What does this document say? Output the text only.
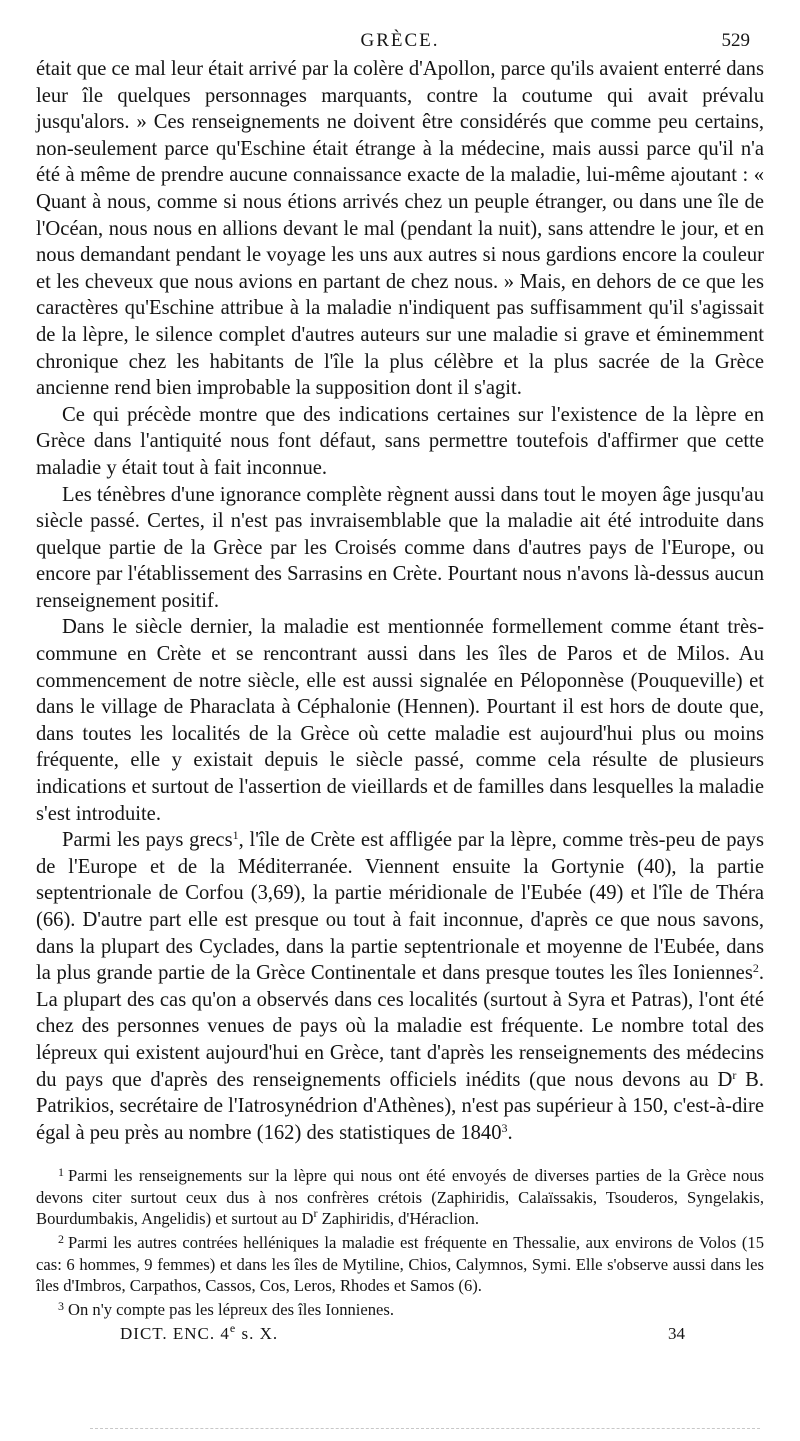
GRÈCE.	529

était que ce mal leur était arrivé par la colère d'Apollon, parce qu'ils avaient enterré dans leur île quelques personnages marquants, contre la coutume qui avait prévalu jusqu'alors. » Ces renseignements ne doivent être considérés que comme peu certains, non-seulement parce qu'Eschine était étrange à la médecine, mais aussi parce qu'il n'a été à même de prendre aucune connaissance exacte de la maladie, lui-même ajoutant : « Quant à nous, comme si nous étions arrivés chez un peuple étranger, ou dans une île de l'Océan, nous nous en allions devant le mal (pendant la nuit), sans attendre le jour, et en nous demandant pendant le voyage les uns aux autres si nous gardions encore la couleur et les cheveux que nous avions en partant de chez nous. » Mais, en dehors de ce que les caractères qu'Eschine attribue à la maladie n'indiquent pas suffisamment qu'il s'agissait de la lèpre, le silence complet d'autres auteurs sur une maladie si grave et éminemment chronique chez les habitants de l'île la plus célèbre et la plus sacrée de la Grèce ancienne rend bien improbable la supposition dont il s'agit.

Ce qui précède montre que des indications certaines sur l'existence de la lèpre en Grèce dans l'antiquité nous font défaut, sans permettre toutefois d'affirmer que cette maladie y était tout à fait inconnue.

Les ténèbres d'une ignorance complète règnent aussi dans tout le moyen âge jusqu'au siècle passé. Certes, il n'est pas invraisemblable que la maladie ait été introduite dans quelque partie de la Grèce par les Croisés comme dans d'autres pays de l'Europe, ou encore par l'établissement des Sarrasins en Crète. Pourtant nous n'avons là-dessus aucun renseignement positif.

Dans le siècle dernier, la maladie est mentionnée formellement comme étant très-commune en Crète et se rencontrant aussi dans les îles de Paros et de Milos. Au commencement de notre siècle, elle est aussi signalée en Péloponnèse (Pouqueville) et dans le village de Pharaclata à Céphalonie (Hennen). Pourtant il est hors de doute que, dans toutes les localités de la Grèce où cette maladie est aujourd'hui plus ou moins fréquente, elle y existait depuis le siècle passé, comme cela résulte de plusieurs indications et surtout de l'assertion de vieillards et de familles dans lesquelles la maladie s'est introduite.

Parmi les pays grecs$^1$, l'île de Crète est affligée par la lèpre, comme très-peu de pays de l'Europe et de la Méditerranée. Viennent ensuite la Gortynie (40), la partie septentrionale de Corfou (3,69), la partie méridionale de l'Eubée (49) et l'île de Théra (66). D'autre part elle est presque ou tout à fait inconnue, d'après ce que nous savons, dans la plupart des Cyclades, dans la partie septentrionale et moyenne de l'Eubée, dans la plus grande partie de la Grèce Continentale et dans presque toutes les îles Ioniennes$^2$. La plupart des cas qu'on a observés dans ces localités (surtout à Syra et Patras), l'ont été chez des personnes venues de pays où la maladie est fréquente. Le nombre total des lépreux qui existent aujourd'hui en Grèce, tant d'après les renseignements des médecins du pays que d'après des renseignements officiels inédits (que nous devons au $D^r$ B. Patrikios, secrétaire de l'Iatrosynédrion d'Athènes), n'est pas supérieur à 150, c'est-à-dire égal à peu près au nombre (162) des statistiques de 1840$^3$.

$^1$ Parmi les renseignements sur la lèpre qui nous ont été envoyés de diverses parties de la Grèce nous devons citer surtout ceux dus à nos confrères crétois (Zaphiridis, Calaïssakis, Tsouderos, Syngelakis, Bourdumbakis, Angelidis) et surtout au $D^r$ Zaphiridis, d'Héraclion.

$^2$ Parmi les autres contrées helléniques la maladie est fréquente en Thessalie, aux environs de Volos (15 cas: 6 hommes, 9 femmes) et dans les îles de Mytiline, Chios, Calymnos, Symi. Elle s'observe aussi dans les îles d'Imbros, Carpathos, Cassos, Cos, Leros, Rhodes et Samos (6).

$^3$ On n'y compte pas les lépreux des îles Ionnienes.

DICT. ENC. 4e s. X.	34
